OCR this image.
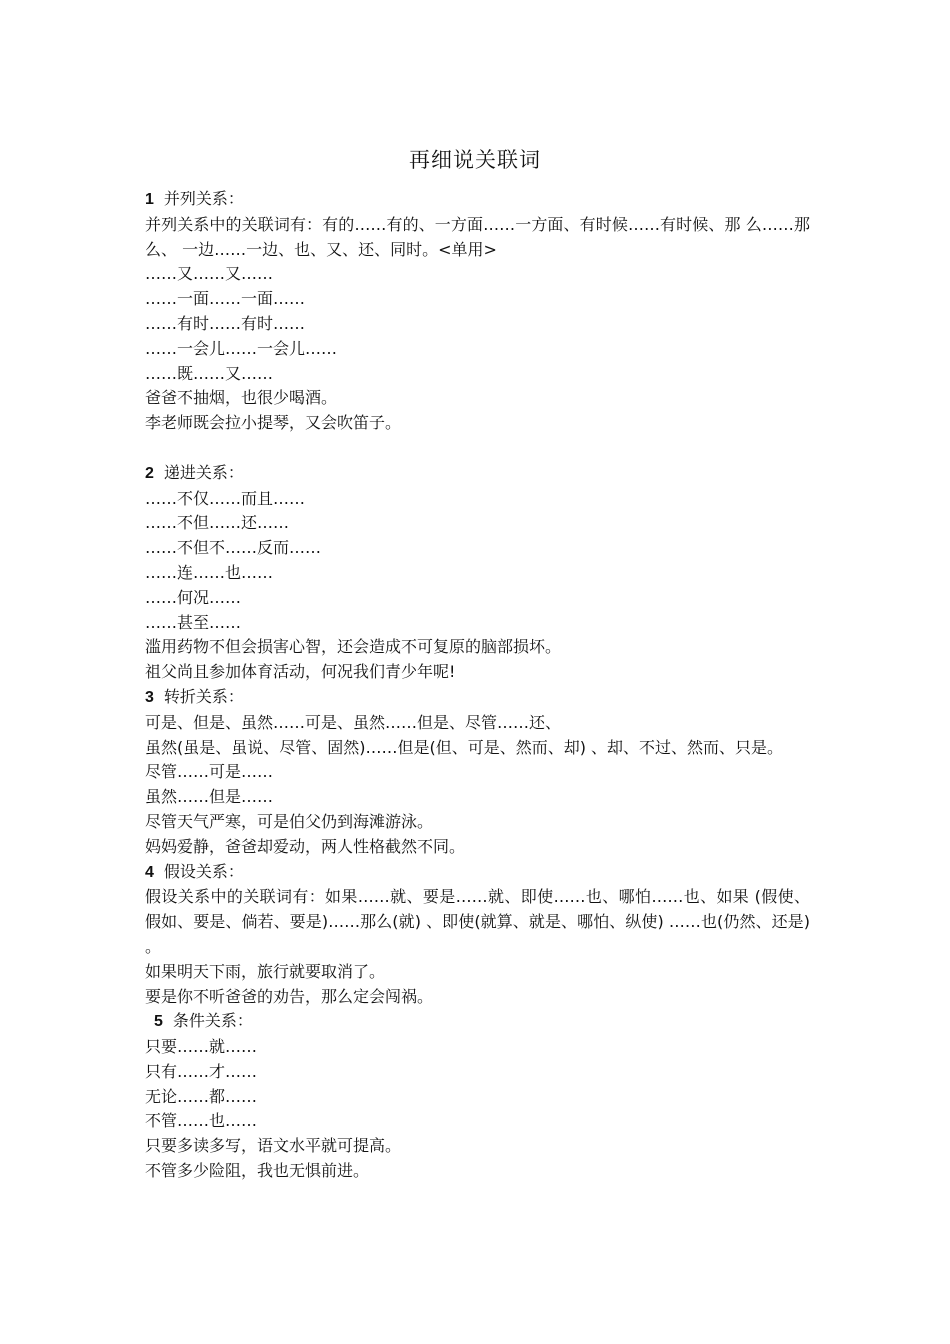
再细说关联词
1 并列关系：
并列关系中的关联词有：有的……有的、一方面……一方面、有时候……有时候、那 么……那么、 一边……一边、也、又、还、同时。<单用>
……又……又……
……一面……一面……
……有时……有时……
……一会儿……一会儿……
……既……又……
爸爸不抽烟，也很少喝酒。
李老师既会拉小提琴，又会吹笛子。
2 递进关系：
……不仅……而且……
……不但……还……
……不但不……反而……
……连……也……
……何况……
……甚至……
滥用药物不但会损害心智，还会造成不可复原的脑部损坏。
祖父尚且参加体育活动，何况我们青少年呢!
3 转折关系：
可是、但是、虽然……可是、虽然……但是、尽管……还、
虽然(虽是、虽说、尽管、固然)……但是(但、可是、然而、却) 、却、不过、然而、只是。
尽管……可是……
虽然……但是……
尽管天气严寒，可是伯父仍到海滩游泳。
妈妈爱静，爸爸却爱动，两人性格截然不同。
4 假设关系：
假设关系中的关联词有：如果……就、要是……就、即使……也、哪怕……也、如果 (假使、假如、要是、倘若、要是)……那么(就) 、即使(就算、就是、哪怕、纵使) ……也(仍然、还是) 。
如果明天下雨，旅行就要取消了。
要是你不听爸爸的劝告，那么定会闯祸。
5 条件关系：
只要……就……
只有……才……
无论……都……
不管……也……
只要多读多写，语文水平就可提高。
不管多少险阻，我也无惧前进。
